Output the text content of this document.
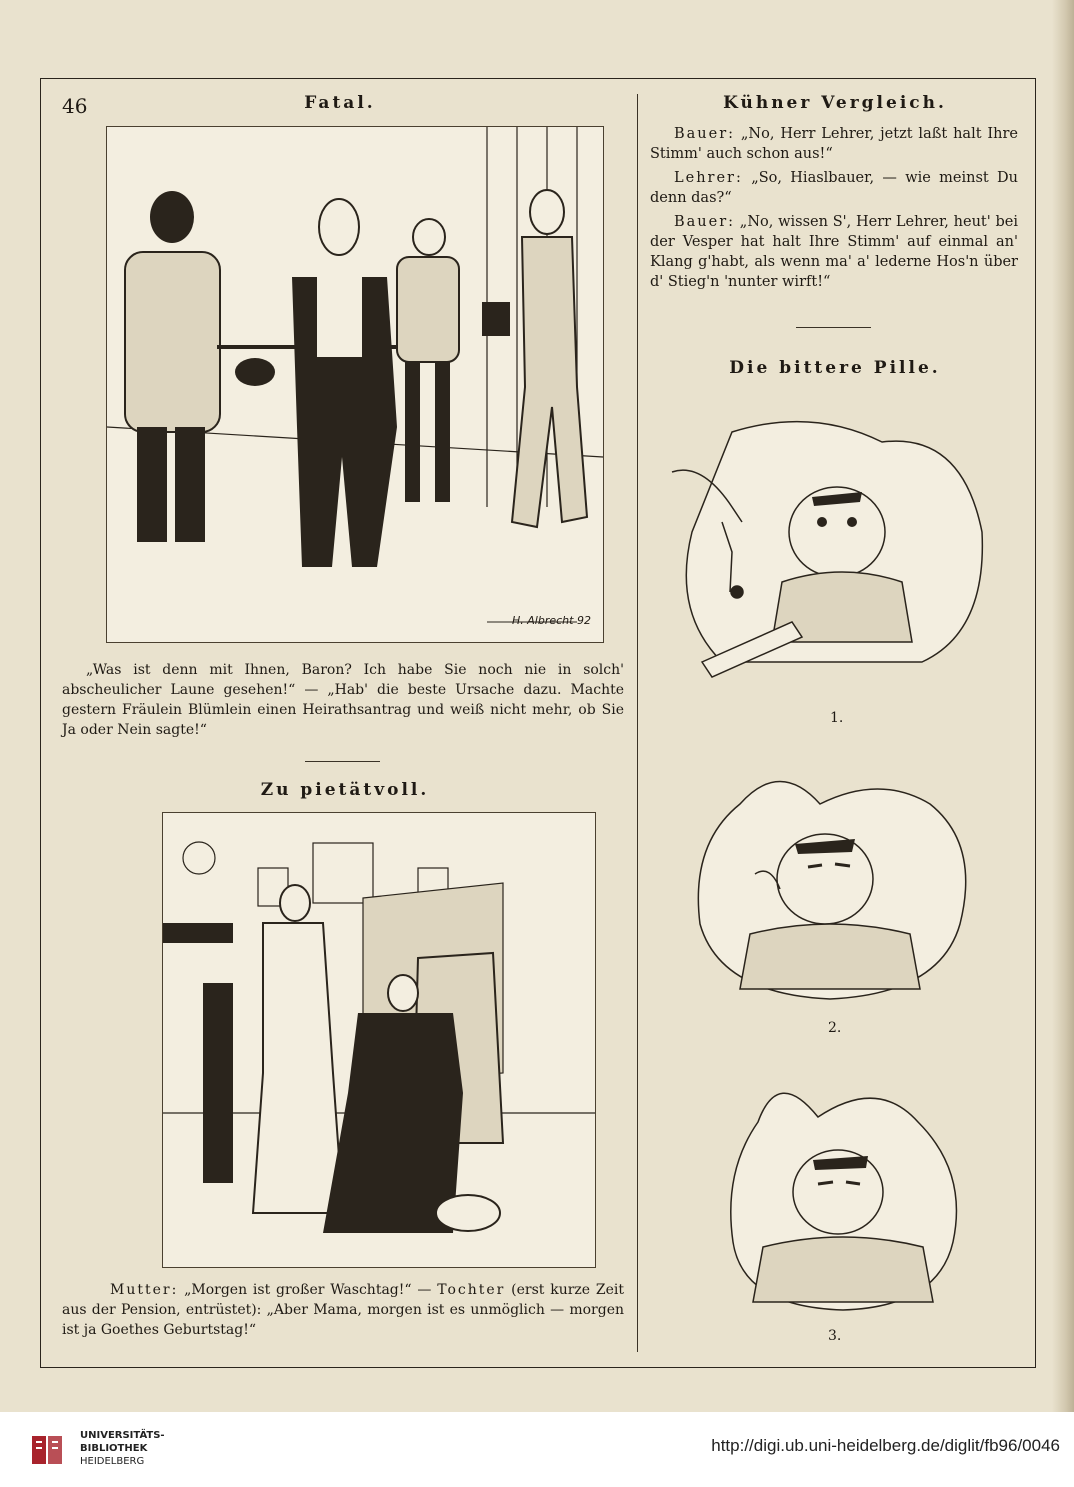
46	Fatal.
H. Albrecht 92

„Was ist denn mit Ihnen, Baron? Ich habe Sie noch nie in solch' abscheulicher Laune gesehen!“ — „Hab' die beste Ursache dazu. Machte gestern Fräulein Blümlein einen Heirathsantrag und weiß nicht mehr, ob Sie Ja oder Nein sagte!“

Zu pietätvoll.

Mutter: „Morgen ist großer Waschtag!“ — Tochter (erst kurze Zeit aus der Pension, entrüstet): „Aber Mama, morgen ist es unmöglich — morgen ist ja Goethes Geburtstag!“

Kühner Vergleich.

Bauer: „No, Herr Lehrer, jetzt laßt halt Ihre Stimm' auch schon aus!“

Lehrer: „So, Hiaslbauer, — wie meinst Du denn das?“

Bauer: „No, wissen S', Herr Lehrer, heut' bei der Vesper hat halt Ihre Stimm' auf einmal an' Klang g'habt, als wenn ma' a' lederne Hos'n über d' Stieg'n 'nunter wirft!“

Die bittere Pille.
1.
2.
3.
UNIVERSITÄTS-
BIBLIOTHEK
HEIDELBERG
http://digi.ub.uni-heidelberg.de/diglit/fb96/0046
